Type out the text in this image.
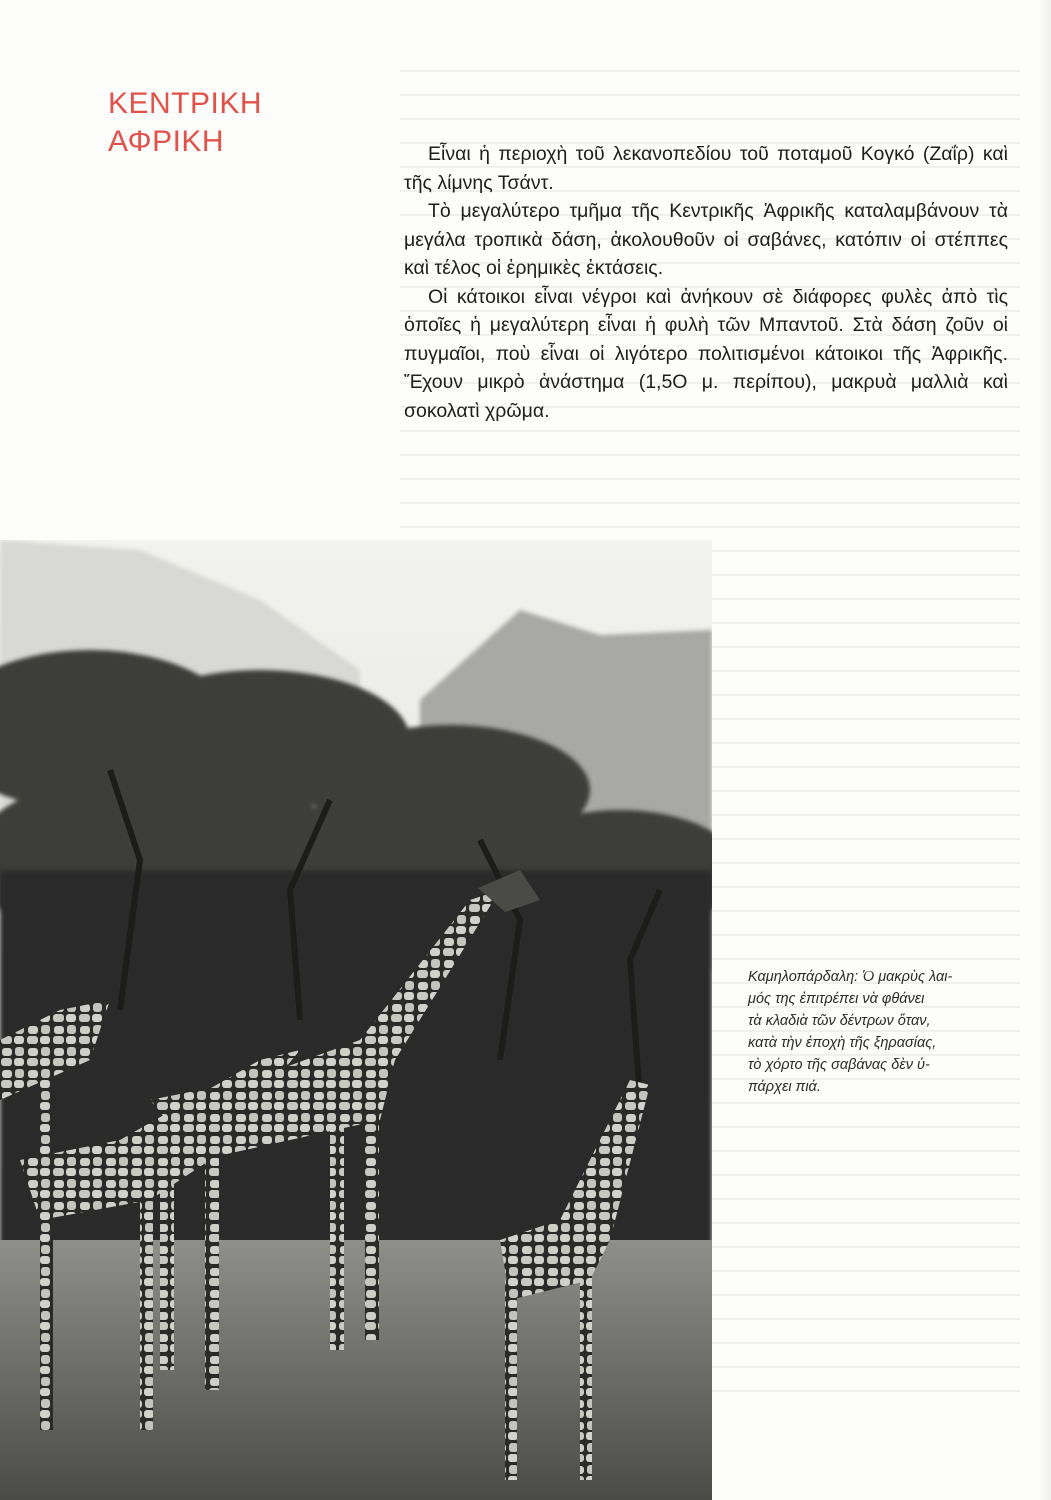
ΚΕΝΤΡΙΚΗ
ΑΦΡΙΚΗ	Εἶναι ἡ περιοχὴ τοῦ λεκανοπεδίου τοῦ ποταμοῦ Κογκό (Ζαΐρ) καὶ τῆς λίμνης Τσάντ.

Τὸ μεγαλύτερο τμῆμα τῆς Κεντρικῆς Ἀφρικῆς καταλαμβάνουν τὰ μεγάλα τροπικὰ δάση, ἀκολουθοῦν οἱ σαβάνες, κατόπιν οἱ στέππες καὶ τέλος οἱ ἐρημικὲς ἐκτάσεις.

Οἱ κάτοικοι εἶναι νέγροι καὶ ἀνήκουν σὲ διάφορες φυλὲς ἀπὸ τὶς ὁποῖες ἡ μεγαλύτερη εἶναι ἡ φυλὴ τῶν Μπαντοῦ. Στὰ δάση ζοῦν οἱ πυγμαῖοι, ποὺ εἶναι οἱ λιγότερο πολιτισμένοι κάτοικοι τῆς Ἀφρικῆς. Ἔχουν μικρὸ ἀνάστημα (1,5Ο μ. περίπου), μακρυὰ μαλλιὰ καὶ σοκολατὶ χρῶμα.

Καμηλοπάρδαλη: Ὁ μακρὺς λαι-
μός της ἐπιτρέπει νὰ φθάνει
τὰ κλαδιὰ τῶν δέντρων ὅταν,
κατὰ τὴν ἐποχὴ τῆς ξηρασίας,
τὸ χόρτο τῆς σαβάνας δὲν ὑ-
πάρχει πιά.
